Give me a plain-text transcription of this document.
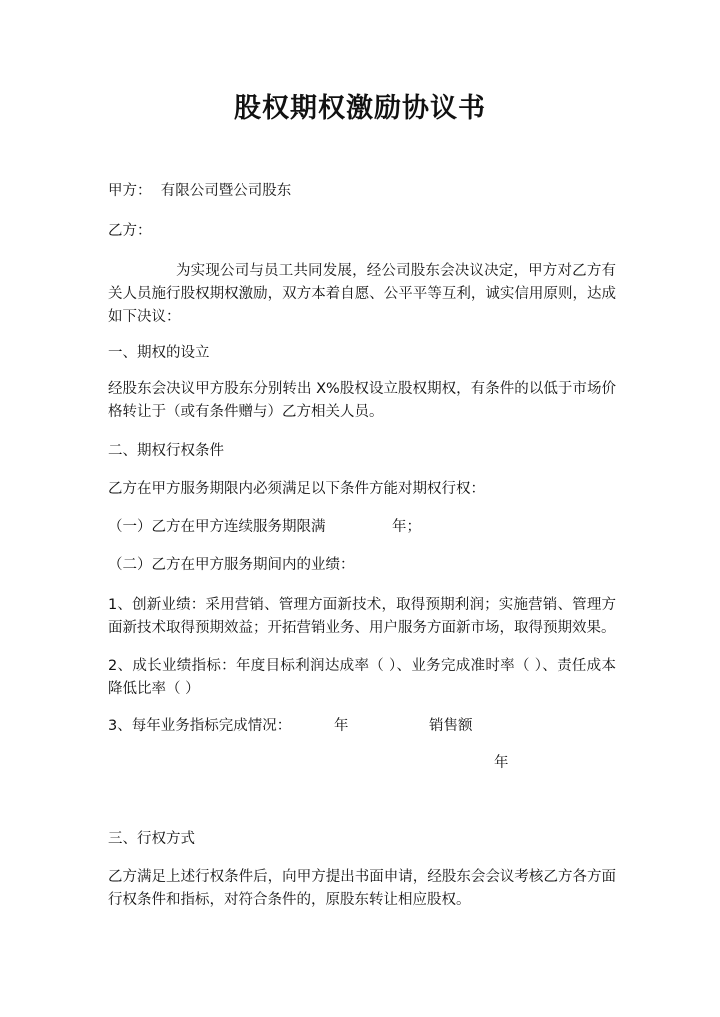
股权期权激励协议书
甲方：  有限公司暨公司股东
乙方：
为实现公司与员工共同发展，经公司股东会决议决定，甲方对乙方有关人员施行股权期权激励，双方本着自愿、公平平等互利，诚实信用原则，达成如下决议：
一、期权的设立
经股东会决议甲方股东分别转出 X%股权设立股权期权，有条件的以低于市场价格转让于（或有条件赠与）乙方相关人员。
二、期权行权条件
乙方在甲方服务期限内必须满足以下条件方能对期权行权：
（一）乙方在甲方连续服务期限满	年；
（二）乙方在甲方服务期间内的业绩：
1、创新业绩：采用营销、管理方面新技术，取得预期利润；实施营销、管理方面新技术取得预期效益；开拓营销业务、用户服务方面新市场，取得预期效果。
2、成长业绩指标：年度目标利润达成率（ ）、业务完成准时率（ ）、责任成本降低比率（ ）
3、每年业务指标完成情况：	年	销售额
年
三、行权方式
乙方满足上述行权条件后，向甲方提出书面申请，经股东会会议考核乙方各方面行权条件和指标，对符合条件的，原股东转让相应股权。
